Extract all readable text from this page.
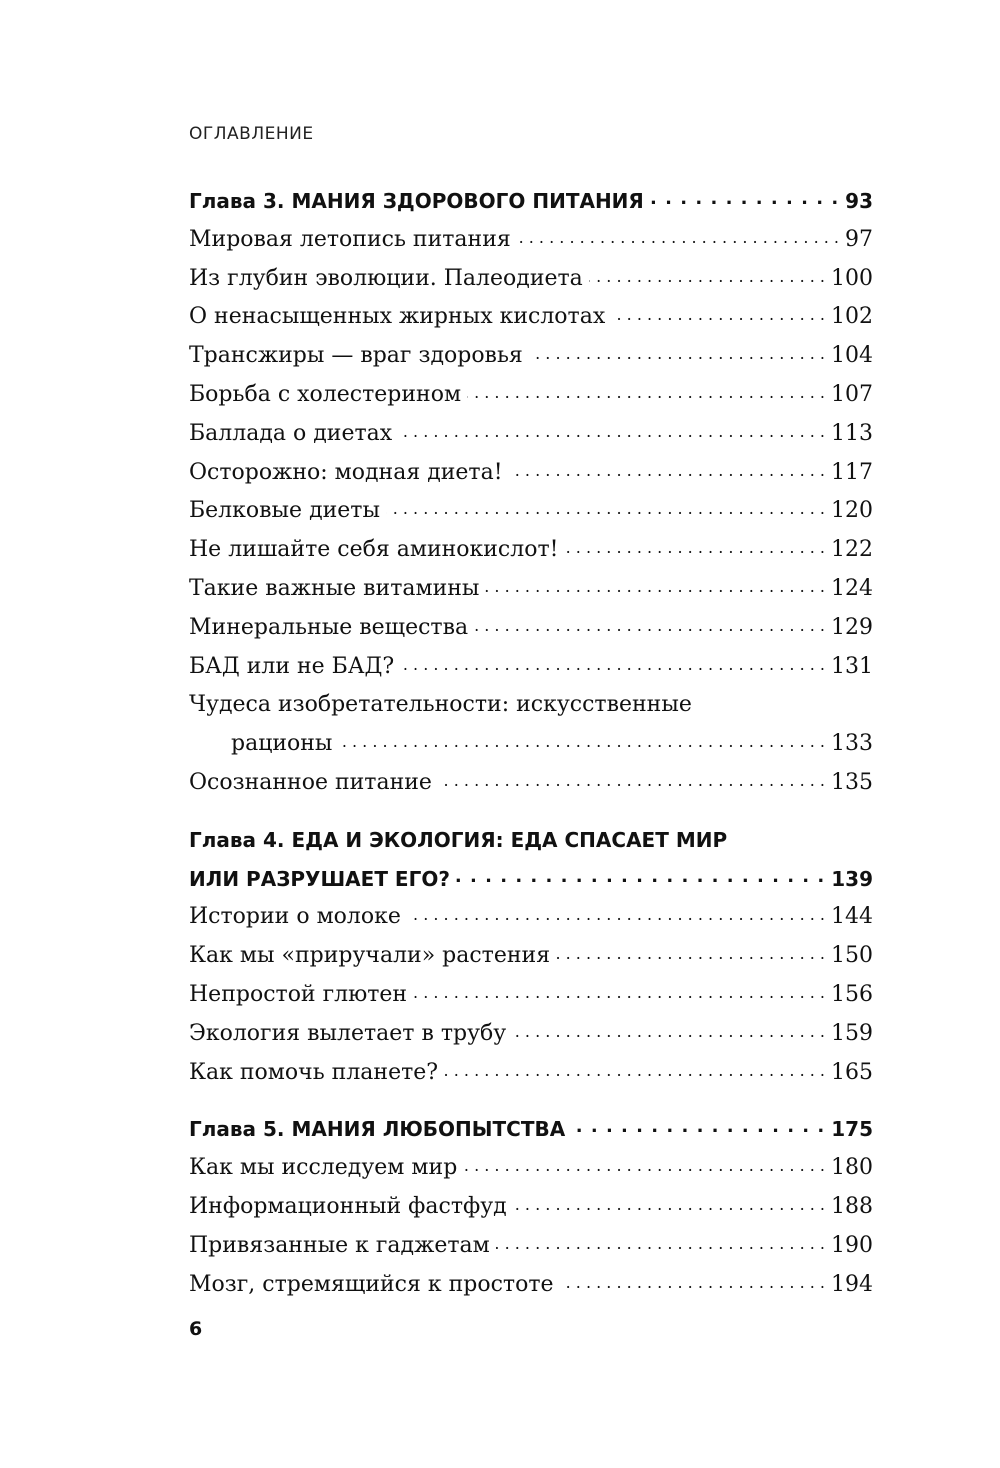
ОГЛАВЛЕНИЕ
Глава 3. МАНИЯ ЗДОРОВОГО ПИТАНИЯ . . .	93
Мировая летопись питания . . .	97
Из глубин эволюции. Палеодиета . . .	100
О ненасыщенных жирных кислотах . . .	102
Трансжиры — враг здоровья . . .	104
Борьба с холестерином . . .	107
Баллада о диетах . . .	113
Осторожно: модная диета! . . .	117
Белковые диеты . . .	120
Не лишайте себя аминокислот! . . .	122
Такие важные витамины . . .	124
Минеральные вещества . . .	129
БАД или не БАД? . . .	131
Чудеса изобретательности: искусственные
рационы . . .	133
Осознанное питание . . .	135
Глава 4. ЕДА И ЭКОЛОГИЯ: ЕДА СПАСАЕТ МИР
ИЛИ РАЗРУШАЕТ ЕГО? . . .	139
Истории о молоке . . .	144
Как мы «приручали» растения . . .	150
Непростой глютен . . .	156
Экология вылетает в трубу . . .	159
Как помочь планете? . . .	165
Глава 5. МАНИЯ ЛЮБОПЫТСТВА . . .	175
Как мы исследуем мир . . .	180
Информационный фастфуд . . .	188
Привязанные к гаджетам . . .	190
Мозг, стремящийся к простоте . . .	194
6
